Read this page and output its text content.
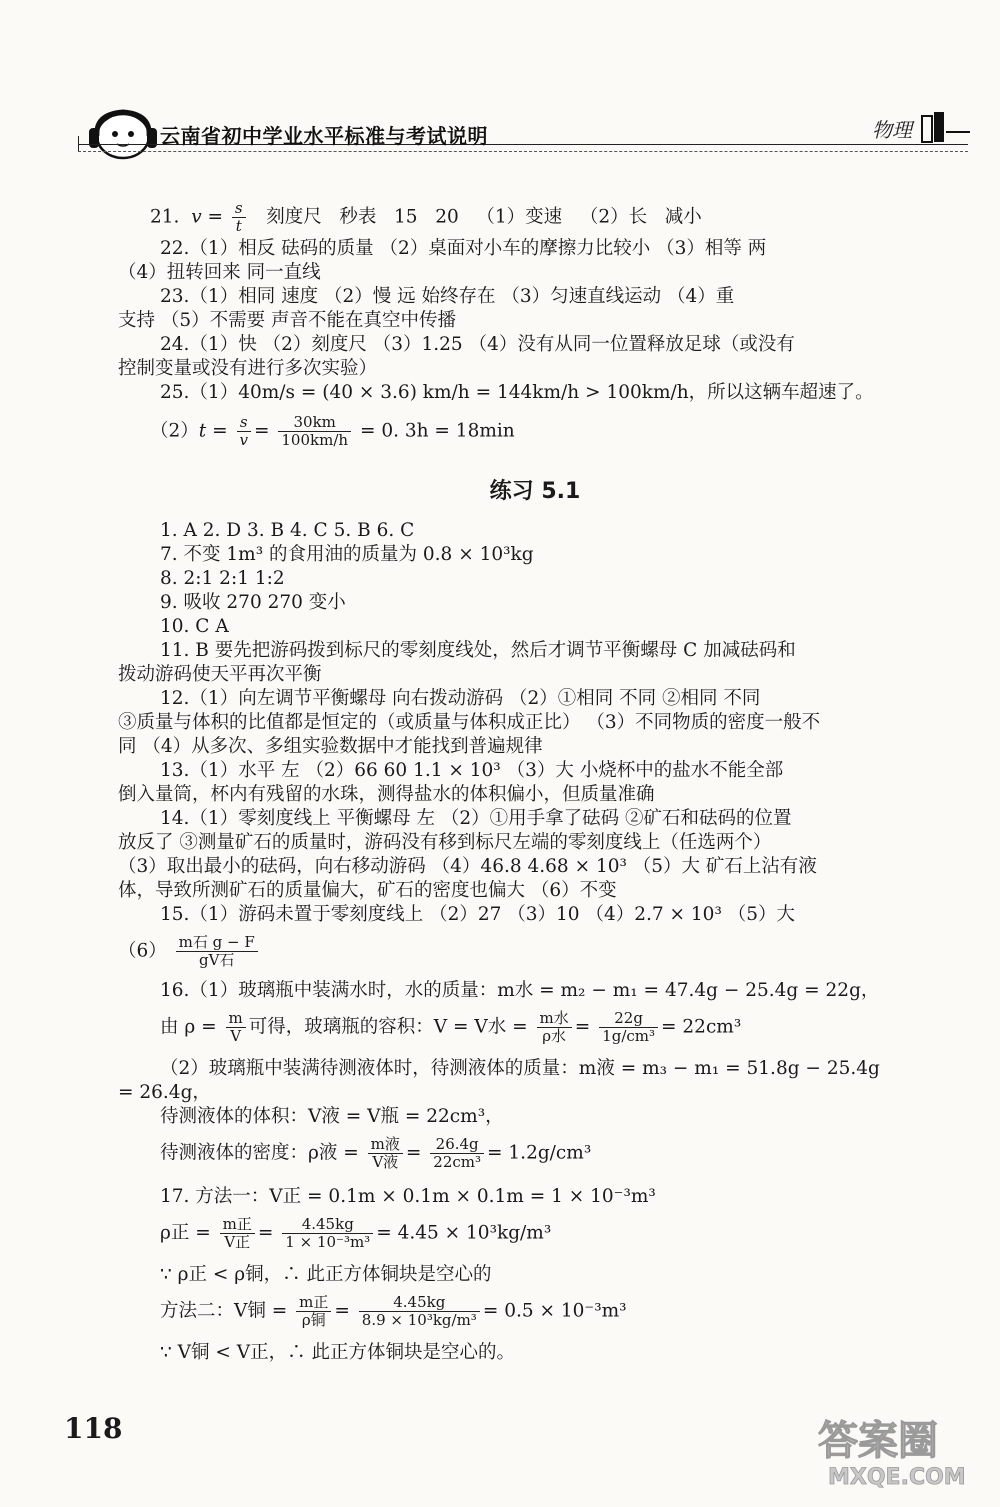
云南省初中学业水平标准与考试说明	物理
21.  $v = \frac{s}{t}$ 刻度尺   秒表   15   20   （1）变速   （2）长   减小
22.（1）相反 砝码的质量 （2）桌面对小车的摩擦力比较小 （3）相等 两
（4）扭转回来 同一直线
23.（1）相同 速度 （2）慢 远 始终存在 （3）匀速直线运动 （4）重
支持 （5）不需要 声音不能在真空中传播
24.（1）快 （2）刻度尺 （3）1.25 （4）没有从同一位置释放足球（或没有
控制变量或没有进行多次实验）
25.（1）40m/s = (40 × 3.6) km/h = 144km/h > 100km/h，所以这辆车超速了。
$(2)t = \frac{s}{v} = \frac{30km}{100km/h} = 0$. 3h = 18min
练习 5.1
1. A 2. D 3. B 4. C 5. B 6. C
7. 不变 1m³ 的食用油的质量为 0.8 × 10³kg
8. 2:1 2:1 1:2
9. 吸收 270 270 变小
10. C A
11. B 要先把游码拨到标尺的零刻度线处，然后才调节平衡螺母 C 加减砝码和
拨动游码使天平再次平衡
12.（1）向左调节平衡螺母 向右拨动游码 （2）①相同 不同 ②相同 不同
③质量与体积的比值都是恒定的（或质量与体积成正比） （3）不同物质的密度一般不
同 （4）从多次、多组实验数据中才能找到普遍规律
13.（1）水平 左 （2）66 60 1.1 × 10³ （3）大 小烧杯中的盐水不能全部
倒入量筒，杯内有残留的水珠，测得盐水的体积偏小，但质量准确
14.（1）零刻度线上 平衡螺母 左 （2）①用手拿了砝码 ②矿石和砝码的位置
放反了 ③测量矿石的质量时，游码没有移到标尺左端的零刻度线上（任选两个）
（3）取出最小的砝码，向右移动游码 （4）46.8 4.68 × 10³ （5）大 矿石上沾有液
体，导致所测矿石的质量偏大，矿石的密度也偏大 （6）不变
15.（1）游码未置于零刻度线上 （2）27 （3）10 （4）2.7 × 10³ （5）大
$(6) \frac{\text{m石 g − F}}{\text{gV石}}$
16.（1）玻璃瓶中装满水时，水的质量：m水 = m₂ − m₁ = 47.4g − 25.4g = 22g，
由 $\rho = \frac{m}{V}$ 可得，玻璃瓶的容积：V = V水 = $\frac{\text{m水}}{\text{ρ水}} = \frac{22g}{\text{1g/cm³}} = 22cm^3$
（2）玻璃瓶中装满待测液体时，待测液体的质量：m液 = m₃ − m₁ = 51.8g − 25.4g
= 26.4g，
待测液体的体积：V液 = V瓶 = 22cm³，
待测液体的密度：ρ液 = $\frac{\text{m液}}{\text{V液}} = \frac{26.4g}{\text{22cm³}} = 1.2g/cm^3$
17. 方法一：V正 = 0.1m × 0.1m × 0.1m = 1 × 10⁻³m³
ρ正 = $\frac{\text{m正}}{\text{V正}} = \frac{4.45kg}{\text{1 × 10⁻³m³}} = 4.45 \times 10^3kg/m^3$
∵ ρ正 < ρ铜，∴ 此正方体铜块是空心的
方法二：V铜 = $\frac{\text{m正}}{\text{ρ铜}} = \frac{4.45kg}{\text{8.9 × 10³kg/m³}} = 0.5 \times 10^{-3}m^3$
∵ V铜 < V正，∴ 此正方体铜块是空心的。
118	答案圈
MXQE.COM
